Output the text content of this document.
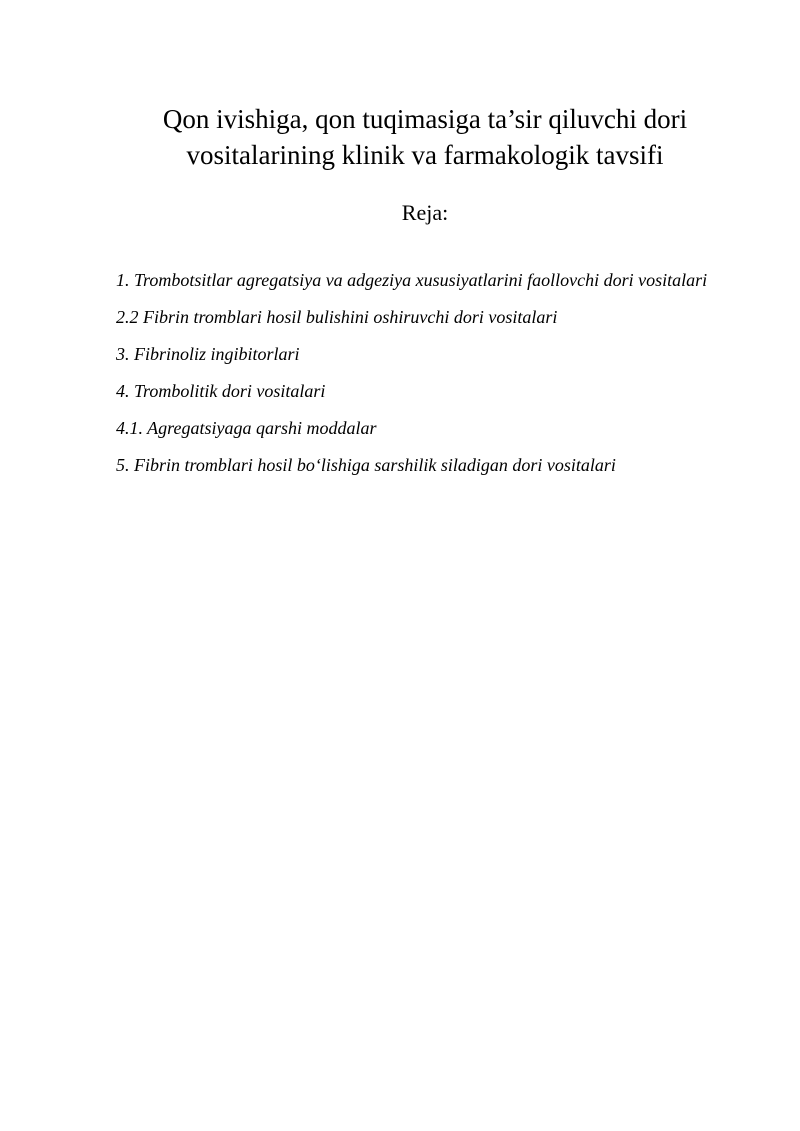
Qon ivishiga, qon tuqimasiga ta’sir qiluvchi dori
vositalarining klinik va farmakologik tavsifi

Reja:

1. Trombotsitlar agregatsiya va adgeziya xususiyatlarini faollovchi dori vositalari
2.2 Fibrin tromblari hosil bulishini oshiruvchi dori vositalari
3. Fibrinoliz ingibitorlari
4. Trombolitik dori vositalari
4.1. Agregatsiyaga qarshi moddalar
5. Fibrin tromblari hosil bo‘lishiga sarshilik siladigan dori vositalari
